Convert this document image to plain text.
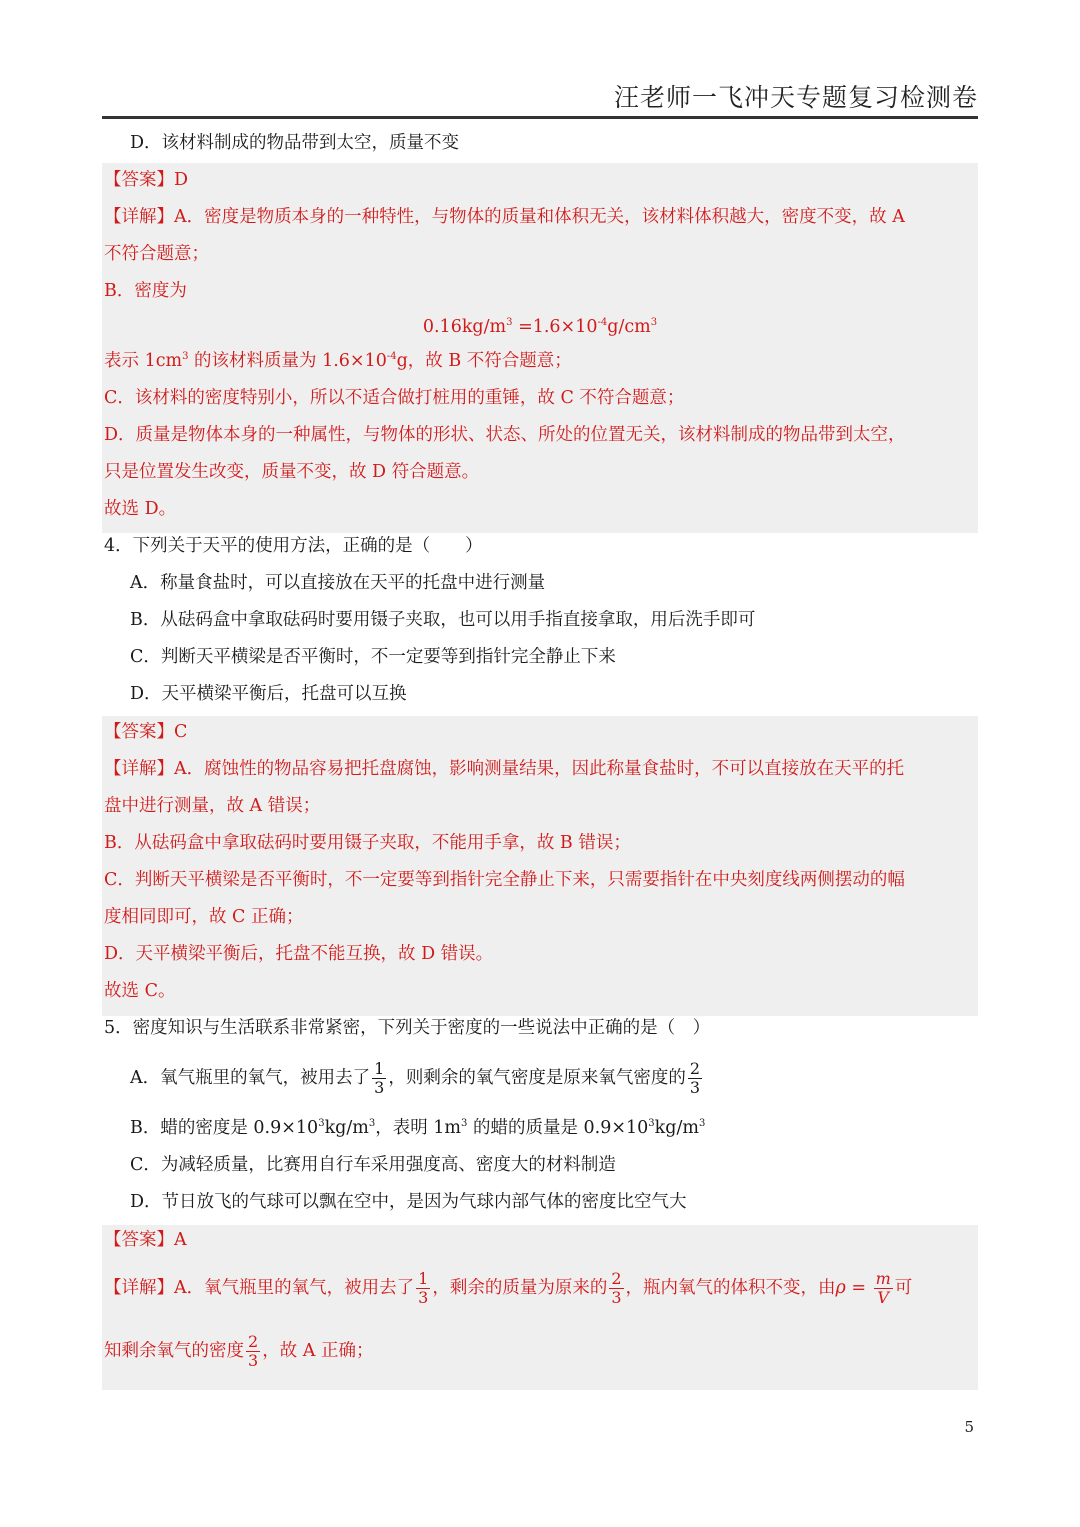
汪老师一飞冲天专题复习检测卷
D．该材料制成的物品带到太空，质量不变
【答案】D
【详解】A．密度是物质本身的一种特性，与物体的质量和体积无关，该材料体积越大，密度不变，故 A
不符合题意；
B．密度为
$0.16kg/m^3 =1.6\times 10^{-4}g/cm^3$
表示 $1cm^3$ 的该材料质量为 $1.6\times 10^{-4}g$，故 B 不符合题意；
C．该材料的密度特别小，所以不适合做打桩用的重锤，故 C 不符合题意；
D．质量是物体本身的一种属性，与物体的形状、状态、所处的位置无关，该材料制成的物品带到太空，
只是位置发生改变，质量不变，故 D 符合题意。
故选 D。
4．下列关于天平的使用方法，正确的是（　　）
A．称量食盐时，可以直接放在天平的托盘中进行测量
B．从砝码盒中拿取砝码时要用镊子夹取，也可以用手指直接拿取，用后洗手即可
C．判断天平横梁是否平衡时，不一定要等到指针完全静止下来
D．天平横梁平衡后，托盘可以互换
【答案】C
【详解】A．腐蚀性的物品容易把托盘腐蚀，影响测量结果，因此称量食盐时，不可以直接放在天平的托
盘中进行测量，故 A 错误；
B．从砝码盒中拿取砝码时要用镊子夹取，不能用手拿，故 B 错误；
C．判断天平横梁是否平衡时，不一定要等到指针完全静止下来，只需要指针在中央刻度线两侧摆动的幅
度相同即可，故 C 正确；
D．天平横梁平衡后，托盘不能互换，故 D 错误。
故选 C。
5．密度知识与生活联系非常紧密，下列关于密度的一些说法中正确的是（　）
A．氧气瓶里的氧气，被用去了 $\frac{1}{3}$ ，则剩余的氧气密度是原来氧气密度的 $\frac{2}{3}$
B．蜡的密度是 $0.9\times 10^3kg/m^3$，表明 $1m^3$ 的蜡的质量是 $0.9\times 10^3kg/m^3$
C．为减轻质量，比赛用自行车采用强度高、密度大的材料制造
D．节日放飞的气球可以飘在空中，是因为气球内部气体的密度比空气大
【答案】A
【详解】A．氧气瓶里的氧气，被用去了 $\frac{1}{3}$ ，剩余的质量为原来的 $\frac{2}{3}$ ，瓶内氧气的体积不变，由$\rho = \frac{m}{V}$ 可
知剩余氧气的密度 $\frac{2}{3}$ ，故 A 正确；
5
